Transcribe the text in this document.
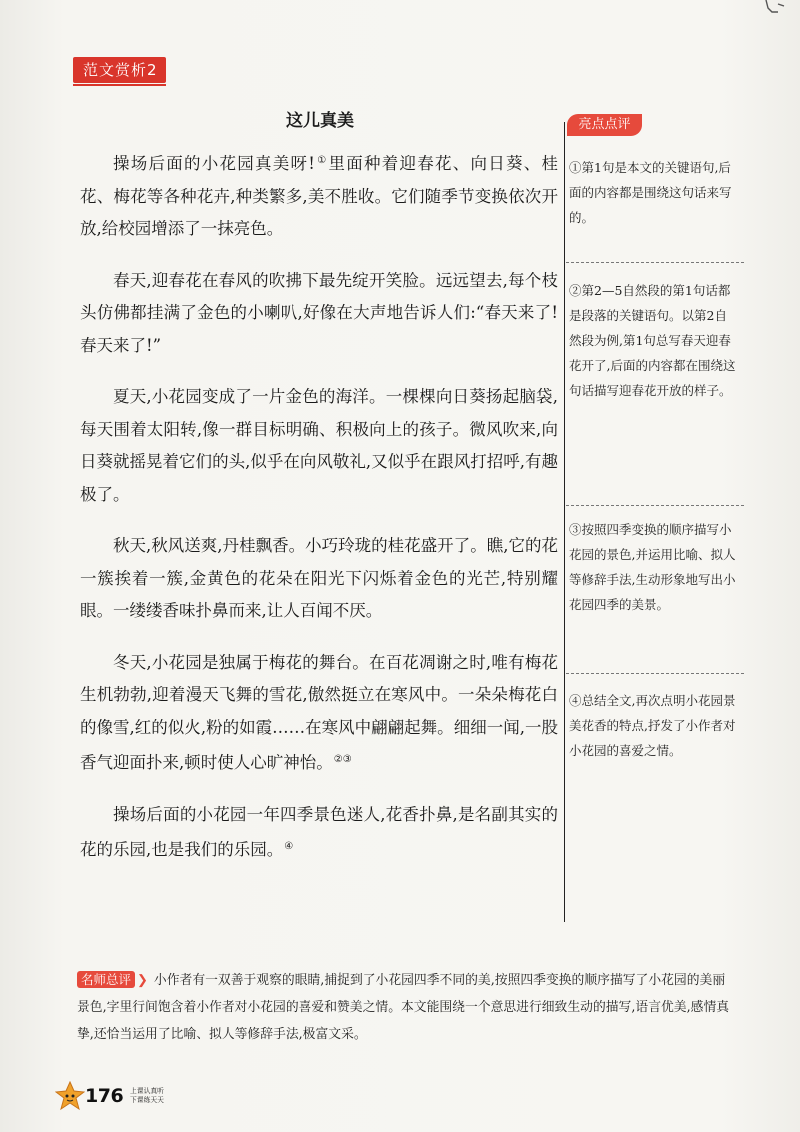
范文赏析2
这儿真美

操场后面的小花园真美呀!①里面种着迎春花、向日葵、桂花、梅花等各种花卉,种类繁多,美不胜收。它们随季节变换依次开放,给校园增添了一抹亮色。

春天,迎春花在春风的吹拂下最先绽开笑脸。远远望去,每个枝头仿佛都挂满了金色的小喇叭,好像在大声地告诉人们:“春天来了!春天来了!”

夏天,小花园变成了一片金色的海洋。一棵棵向日葵扬起脑袋,每天围着太阳转,像一群目标明确、积极向上的孩子。微风吹来,向日葵就摇晃着它们的头,似乎在向风敬礼,又似乎在跟风打招呼,有趣极了。

秋天,秋风送爽,丹桂飘香。小巧玲珑的桂花盛开了。瞧,它的花一簇挨着一簇,金黄色的花朵在阳光下闪烁着金色的光芒,特别耀眼。一缕缕香味扑鼻而来,让人百闻不厌。

冬天,小花园是独属于梅花的舞台。在百花凋谢之时,唯有梅花生机勃勃,迎着漫天飞舞的雪花,傲然挺立在寒风中。一朵朵梅花白的像雪,红的似火,粉的如霞……在寒风中翩翩起舞。细细一闻,一股香气迎面扑来,顿时使人心旷神怡。②③

操场后面的小花园一年四季景色迷人,花香扑鼻,是名副其实的花的乐园,也是我们的乐园。④

亮点点评
①第1句是本文的关键语句,后面的内容都是围绕这句话来写的。
②第2—5自然段的第1句话都是段落的关键语句。以第2自然段为例,第1句总写春天迎春花开了,后面的内容都在围绕这句话描写迎春花开放的样子。
③按照四季变换的顺序描写小花园的景色,并运用比喻、拟人等修辞手法,生动形象地写出小花园四季的美景。
④总结全文,再次点明小花园景美花香的特点,抒发了小作者对小花园的喜爱之情。
名师总评 ❯ 小作者有一双善于观察的眼睛,捕捉到了小花园四季不同的美,按照四季变换的顺序描写了小花园的美丽景色,字里行间饱含着小作者对小花园的喜爱和赞美之情。本文能围绕一个意思进行细致生动的描写,语言优美,感情真挚,还恰当运用了比喻、拟人等修辞手法,极富文采。
176 上课认真听
下课练天天
